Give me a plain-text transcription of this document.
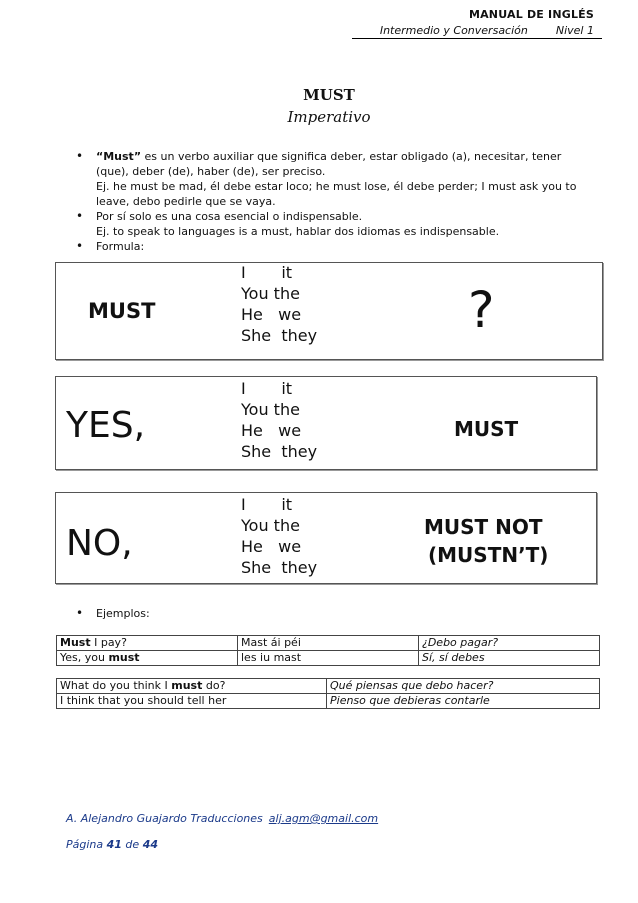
MANUAL DE INGLÉS
Intermedio y Conversación	Nivel 1
MUST
Imperativo
• “Must” es un verbo auxiliar que significa deber, estar obligado (a), necesitar, tener
(que), deber (de), haber (de), ser preciso.
Ej. he must be mad, él debe estar loco; he must lose, él debe perder; I must ask you to
leave, debo pedirle que se vaya.
• Por sí solo es una cosa esencial o indispensable.
Ej. to speak to languages is a must, hablar dos idiomas es indispensable.
• Formula:
MUST
I       it
You the
He   we
She  they	?
YES,
I       it
You the
He   we
She  they
MUST
NO,
I       it
You the
He   we
She  they
MUST NOT
(MUSTN’T)
• Ejemplos:
Must I pay?	Mast ái péi	¿Debo pagar?
Yes, you must	les iu mast	Sí, sí debes
What do you think I must do?	Qué piensas que debo hacer?
I think that you should tell her	Pienso que debieras contarle
A. Alejandro Guajardo Traducciones alj.agm@gmail.com
Página 41 de 44
